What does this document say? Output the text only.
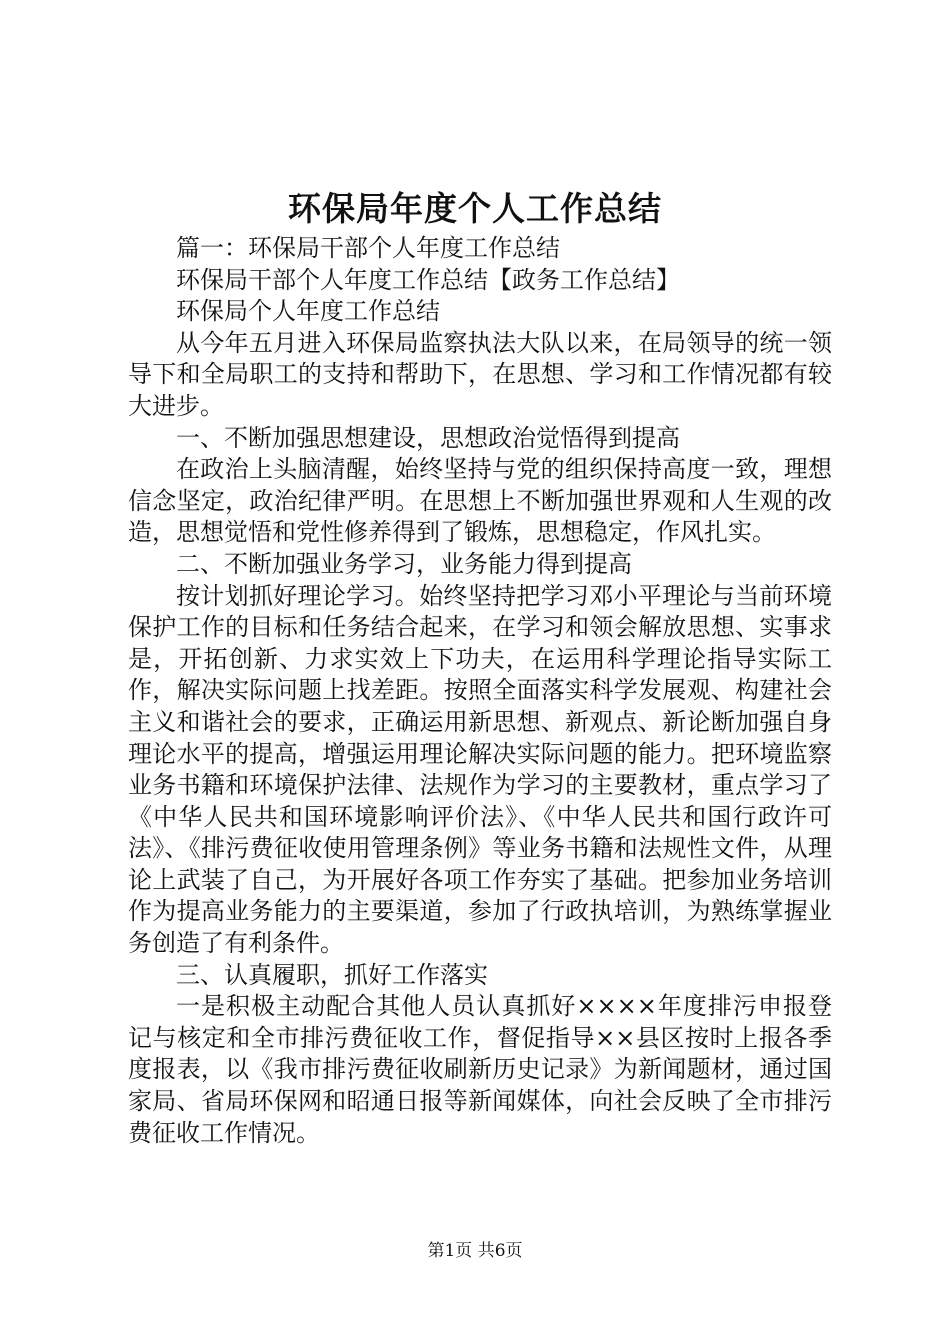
环保局年度个人工作总结

篇一：环保局干部个人年度工作总结

环保局干部个人年度工作总结【政务工作总结】

环保局个人年度工作总结

从今年五月进入环保局监察执法大队以来，在局领导的统一领导下和全局职工的支持和帮助下，在思想、学习和工作情况都有较大进步。

一、不断加强思想建设，思想政治觉悟得到提高

在政治上头脑清醒，始终坚持与党的组织保持高度一致，理想信念坚定，政治纪律严明。在思想上不断加强世界观和人生观的改造，思想觉悟和党性修养得到了锻炼，思想稳定，作风扎实。

二、不断加强业务学习，业务能力得到提高

按计划抓好理论学习。始终坚持把学习邓小平理论与当前环境保护工作的目标和任务结合起来，在学习和领会解放思想、实事求是，开拓创新、力求实效上下功夫，在运用科学理论指导实际工作，解决实际问题上找差距。按照全面落实科学发展观、构建社会主义和谐社会的要求，正确运用新思想、新观点、新论断加强自身理论水平的提高，增强运用理论解决实际问题的能力。把环境监察业务书籍和环境保护法律、法规作为学习的主要教材，重点学习了《中华人民共和国环境影响评价法》、《中华人民共和国行政许可法》、《排污费征收使用管理条例》等业务书籍和法规性文件，从理论上武装了自己，为开展好各项工作夯实了基础。把参加业务培训作为提高业务能力的主要渠道，参加了行政执培训，为熟练掌握业务创造了有利条件。

三、认真履职，抓好工作落实

一是积极主动配合其他人员认真抓好××××年度排污申报登记与核定和全市排污费征收工作，督促指导××县区按时上报各季度报表，以《我市排污费征收刷新历史记录》为新闻题材，通过国家局、省局环保网和昭通日报等新闻媒体，向社会反映了全市排污费征收工作情况。

第1页 共6页
